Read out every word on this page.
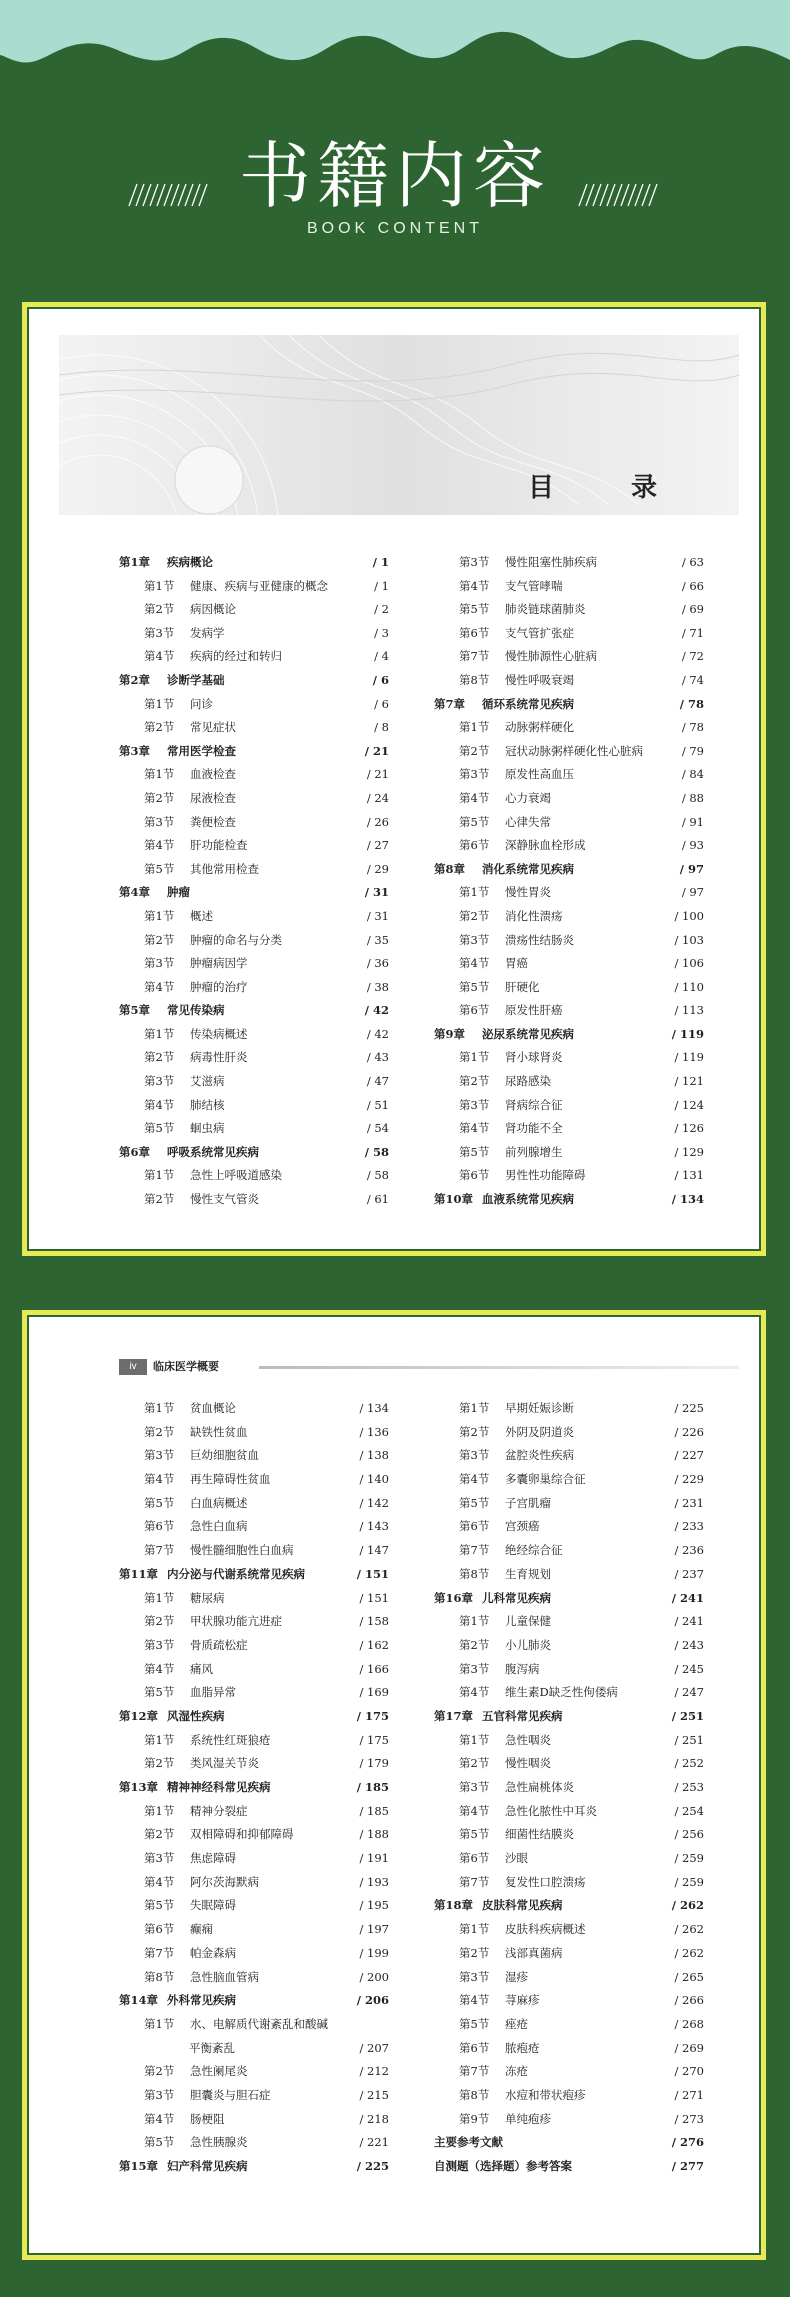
书籍内容
BOOK CONTENT
目 录
第1章 疾病概论	/ 1
第1节 健康、疾病与亚健康的概念	/ 1
第2节 病因概论	/ 2
第3节 发病学	/ 3
第4节 疾病的经过和转归	/ 4
第2章 诊断学基础	/ 6
第1节 问诊	/ 6
第2节 常见症状	/ 8
第3章 常用医学检查	/ 21
第1节 血液检查	/ 21
第2节 尿液检查	/ 24
第3节 粪便检查	/ 26
第4节 肝功能检查	/ 27
第5节 其他常用检查	/ 29
第4章 肿瘤	/ 31
第1节 概述	/ 31
第2节 肿瘤的命名与分类	/ 35
第3节 肿瘤病因学	/ 36
第4节 肿瘤的治疗	/ 38
第5章 常见传染病	/ 42
第1节 传染病概述	/ 42
第2节 病毒性肝炎	/ 43
第3节 艾滋病	/ 47
第4节 肺结核	/ 51
第5节 蛔虫病	/ 54
第6章 呼吸系统常见疾病	/ 58
第1节 急性上呼吸道感染	/ 58
第2节 慢性支气管炎	/ 61
第3节 慢性阻塞性肺疾病	/ 63
第4节 支气管哮喘	/ 66
第5节 肺炎链球菌肺炎	/ 69
第6节 支气管扩张症	/ 71
第7节 慢性肺源性心脏病	/ 72
第8节 慢性呼吸衰竭	/ 74
第7章 循环系统常见疾病	/ 78
第1节 动脉粥样硬化	/ 78
第2节 冠状动脉粥样硬化性心脏病	/ 79
第3节 原发性高血压	/ 84
第4节 心力衰竭	/ 88
第5节 心律失常	/ 91
第6节 深静脉血栓形成	/ 93
第8章 消化系统常见疾病	/ 97
第1节 慢性胃炎	/ 97
第2节 消化性溃疡	/ 100
第3节 溃疡性结肠炎	/ 103
第4节 胃癌	/ 106
第5节 肝硬化	/ 110
第6节 原发性肝癌	/ 113
第9章 泌尿系统常见疾病	/ 119
第1节 肾小球肾炎	/ 119
第2节 尿路感染	/ 121
第3节 肾病综合征	/ 124
第4节 肾功能不全	/ 126
第5节 前列腺增生	/ 129
第6节 男性性功能障碍	/ 131
第10章 血液系统常见疾病	/ 134
iv	临床医学概要
第1节 贫血概论	/ 134
第2节 缺铁性贫血	/ 136
第3节 巨幼细胞贫血	/ 138
第4节 再生障碍性贫血	/ 140
第5节 白血病概述	/ 142
第6节 急性白血病	/ 143
第7节 慢性髓细胞性白血病	/ 147
第11章 内分泌与代谢系统常见疾病	/ 151
第1节 糖尿病	/ 151
第2节 甲状腺功能亢进症	/ 158
第3节 骨质疏松症	/ 162
第4节 痛风	/ 166
第5节 血脂异常	/ 169
第12章 风湿性疾病	/ 175
第1节 系统性红斑狼疮	/ 175
第2节 类风湿关节炎	/ 179
第13章 精神神经科常见疾病	/ 185
第1节 精神分裂症	/ 185
第2节 双相障碍和抑郁障碍	/ 188
第3节 焦虑障碍	/ 191
第4节 阿尔茨海默病	/ 193
第5节 失眠障碍	/ 195
第6节 癫痫	/ 197
第7节 帕金森病	/ 199
第8节 急性脑血管病	/ 200
第14章 外科常见疾病	/ 206
第1节 水、电解质代谢紊乱和酸碱
平衡紊乱	/ 207
第2节 急性阑尾炎	/ 212
第3节 胆囊炎与胆石症	/ 215
第4节 肠梗阻	/ 218
第5节 急性胰腺炎	/ 221
第15章 妇产科常见疾病	/ 225
第1节 早期妊娠诊断	/ 225
第2节 外阴及阴道炎	/ 226
第3节 盆腔炎性疾病	/ 227
第4节 多囊卵巢综合征	/ 229
第5节 子宫肌瘤	/ 231
第6节 宫颈癌	/ 233
第7节 绝经综合征	/ 236
第8节 生育规划	/ 237
第16章 儿科常见疾病	/ 241
第1节 儿童保健	/ 241
第2节 小儿肺炎	/ 243
第3节 腹泻病	/ 245
第4节 维生素D缺乏性佝偻病	/ 247
第17章 五官科常见疾病	/ 251
第1节 急性咽炎	/ 251
第2节 慢性咽炎	/ 252
第3节 急性扁桃体炎	/ 253
第4节 急性化脓性中耳炎	/ 254
第5节 细菌性结膜炎	/ 256
第6节 沙眼	/ 259
第7节 复发性口腔溃疡	/ 259
第18章 皮肤科常见疾病	/ 262
第1节 皮肤科疾病概述	/ 262
第2节 浅部真菌病	/ 262
第3节 湿疹	/ 265
第4节 荨麻疹	/ 266
第5节 痤疮	/ 268
第6节 脓疱疮	/ 269
第7节 冻疮	/ 270
第8节 水痘和带状疱疹	/ 271
第9节 单纯疱疹	/ 273
主要参考文献	/ 276
自测题（选择题）参考答案	/ 277
